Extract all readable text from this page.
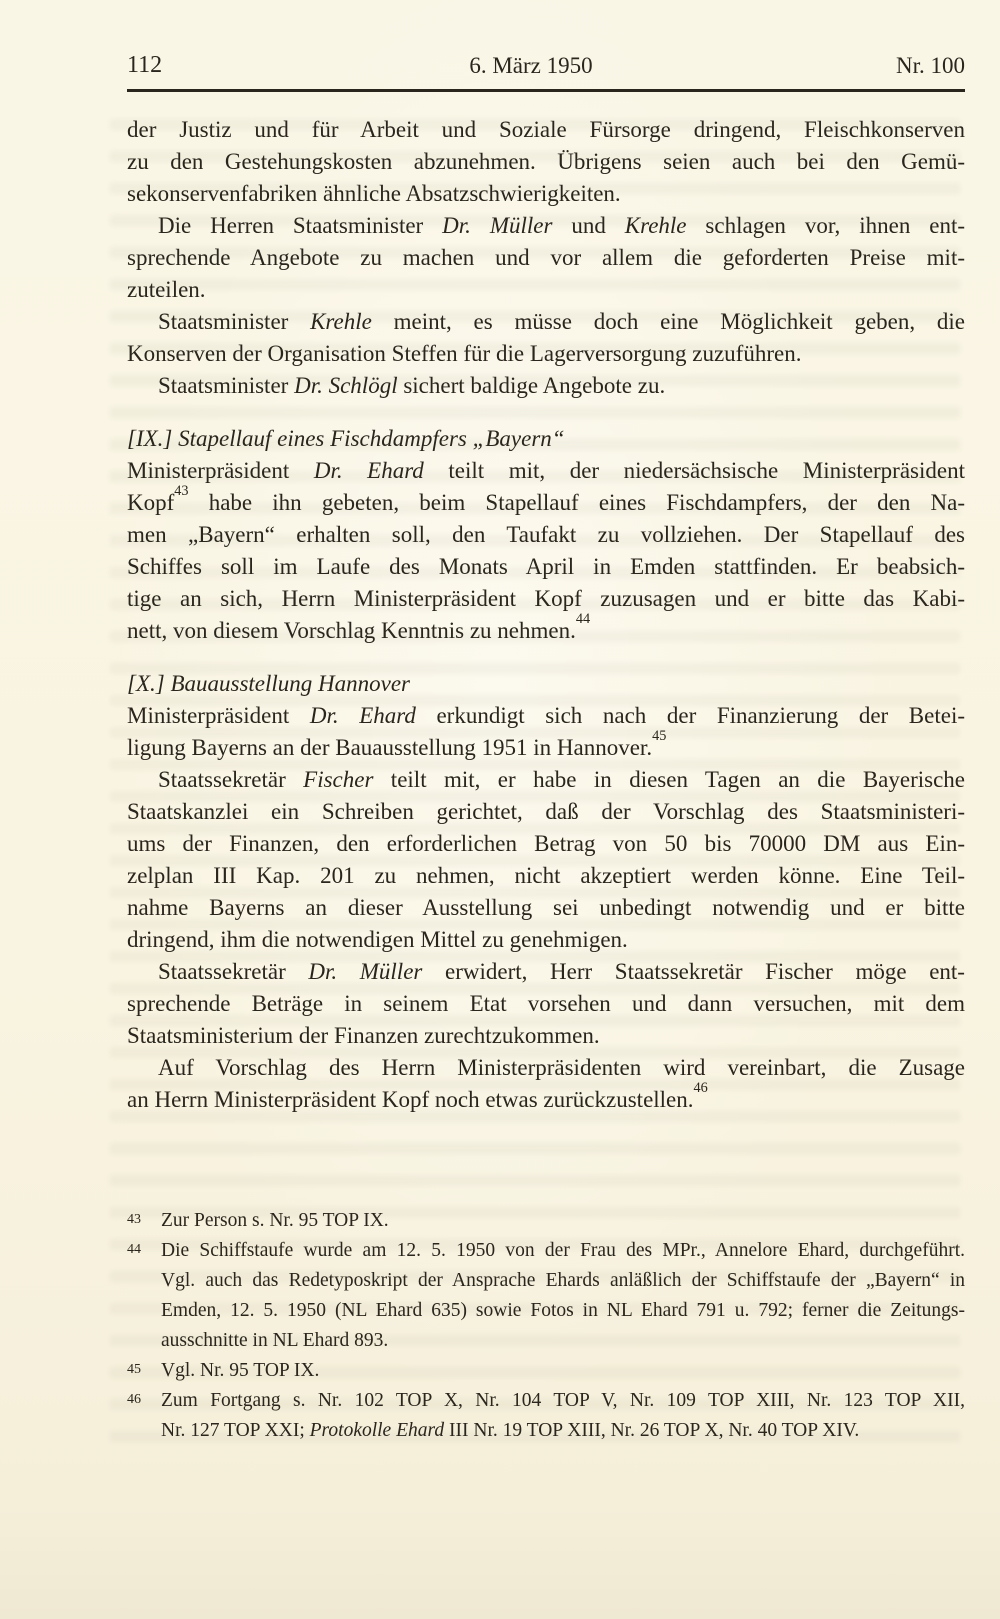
112	6. März 1950	Nr. 100
der Justiz und für Arbeit und Soziale Fürsorge dringend, Fleischkonserven
zu den Gestehungskosten abzunehmen. Übrigens seien auch bei den Gemü-
sekonservenfabriken ähnliche Absatzschwierigkeiten.
Die Herren Staatsminister Dr. Müller und Krehle schlagen vor, ihnen ent-
sprechende Angebote zu machen und vor allem die geforderten Preise mit-
zuteilen.
Staatsminister Krehle meint, es müsse doch eine Möglichkeit geben, die
Konserven der Organisation Steffen für die Lagerversorgung zuzuführen.
Staatsminister Dr. Schlögl sichert baldige Angebote zu.
[IX.] Stapellauf eines Fischdampfers „Bayern“
Ministerpräsident Dr. Ehard teilt mit, der niedersächsische Ministerpräsident
Kopf$^{43}$ habe ihn gebeten, beim Stapellauf eines Fischdampfers, der den Na-
men „Bayern“ erhalten soll, den Taufakt zu vollziehen. Der Stapellauf des
Schiffes soll im Laufe des Monats April in Emden stattfinden. Er beabsich-
tige an sich, Herrn Ministerpräsident Kopf zuzusagen und er bitte das Kabi-
nett, von diesem Vorschlag Kenntnis zu nehmen.$^{44}$
[X.] Bauausstellung Hannover
Ministerpräsident Dr. Ehard erkundigt sich nach der Finanzierung der Betei-
ligung Bayerns an der Bauausstellung 1951 in Hannover.$^{45}$
Staatssekretär Fischer teilt mit, er habe in diesen Tagen an die Bayerische
Staatskanzlei ein Schreiben gerichtet, daß der Vorschlag des Staatsministeri-
ums der Finanzen, den erforderlichen Betrag von 50 bis 70000 DM aus Ein-
zelplan III Kap. 201 zu nehmen, nicht akzeptiert werden könne. Eine Teil-
nahme Bayerns an dieser Ausstellung sei unbedingt notwendig und er bitte
dringend, ihm die notwendigen Mittel zu genehmigen.
Staatssekretär Dr. Müller erwidert, Herr Staatssekretär Fischer möge ent-
sprechende Beträge in seinem Etat vorsehen und dann versuchen, mit dem
Staatsministerium der Finanzen zurechtzukommen.
Auf Vorschlag des Herrn Ministerpräsidenten wird vereinbart, die Zusage
an Herrn Ministerpräsident Kopf noch etwas zurückzustellen.$^{46}$
43	Zur Person s. Nr. 95 TOP IX.
44	Die Schiffstaufe wurde am 12. 5. 1950 von der Frau des MPr., Annelore Ehard, durchgeführt.
Vgl. auch das Redetyposkript der Ansprache Ehards anläßlich der Schiffstaufe der „Bayern“ in
Emden, 12. 5. 1950 (NL Ehard 635) sowie Fotos in NL Ehard 791 u. 792; ferner die Zeitungs-
ausschnitte in NL Ehard 893.
45	Vgl. Nr. 95 TOP IX.
46	Zum Fortgang s. Nr. 102 TOP X, Nr. 104 TOP V, Nr. 109 TOP XIII, Nr. 123 TOP XII,
Nr. 127 TOP XXI; Protokolle Ehard III Nr. 19 TOP XIII, Nr. 26 TOP X, Nr. 40 TOP XIV.
